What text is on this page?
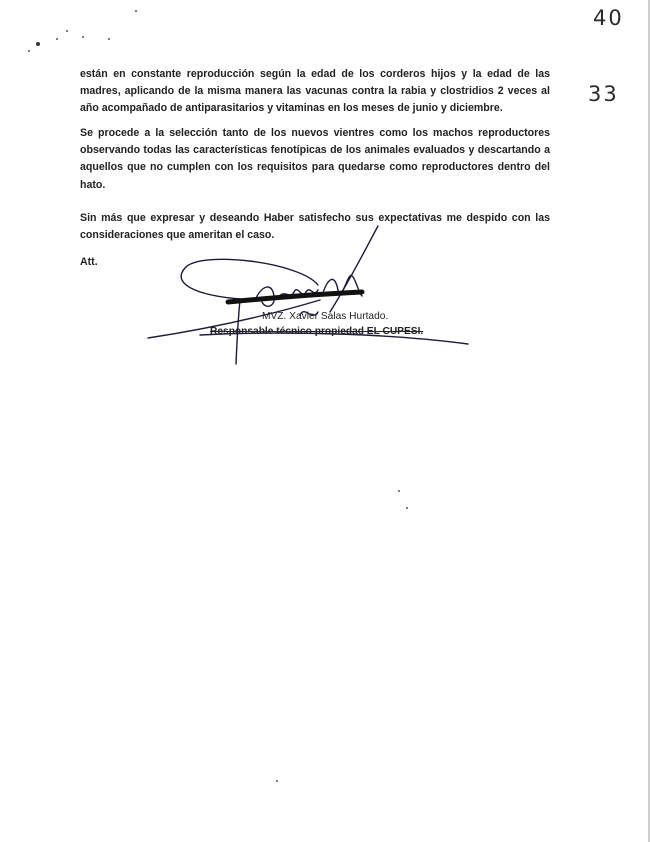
40

33

están en constante reproducción según la edad de los corderos hijos y la edad de las madres, aplicando de la misma manera las vacunas contra la rabia y clostridios 2 veces al año acompañado de antiparasitarios y vitaminas en los meses de junio y diciembre.

Se procede a la selección tanto de los nuevos vientres como los machos reproductores observando todas las características fenotípicas de los animales evaluados y descartando a aquellos que no cumplen con los requisitos para quedarse como reproductores dentro del hato.

Sin más que expresar y deseando Haber satisfecho sus expectativas me despido con las consideraciones que ameritan el caso.

Att.

MVZ. Xavier Salas Hurtado.

Responsable técnico propiedad EL CUPESI.
